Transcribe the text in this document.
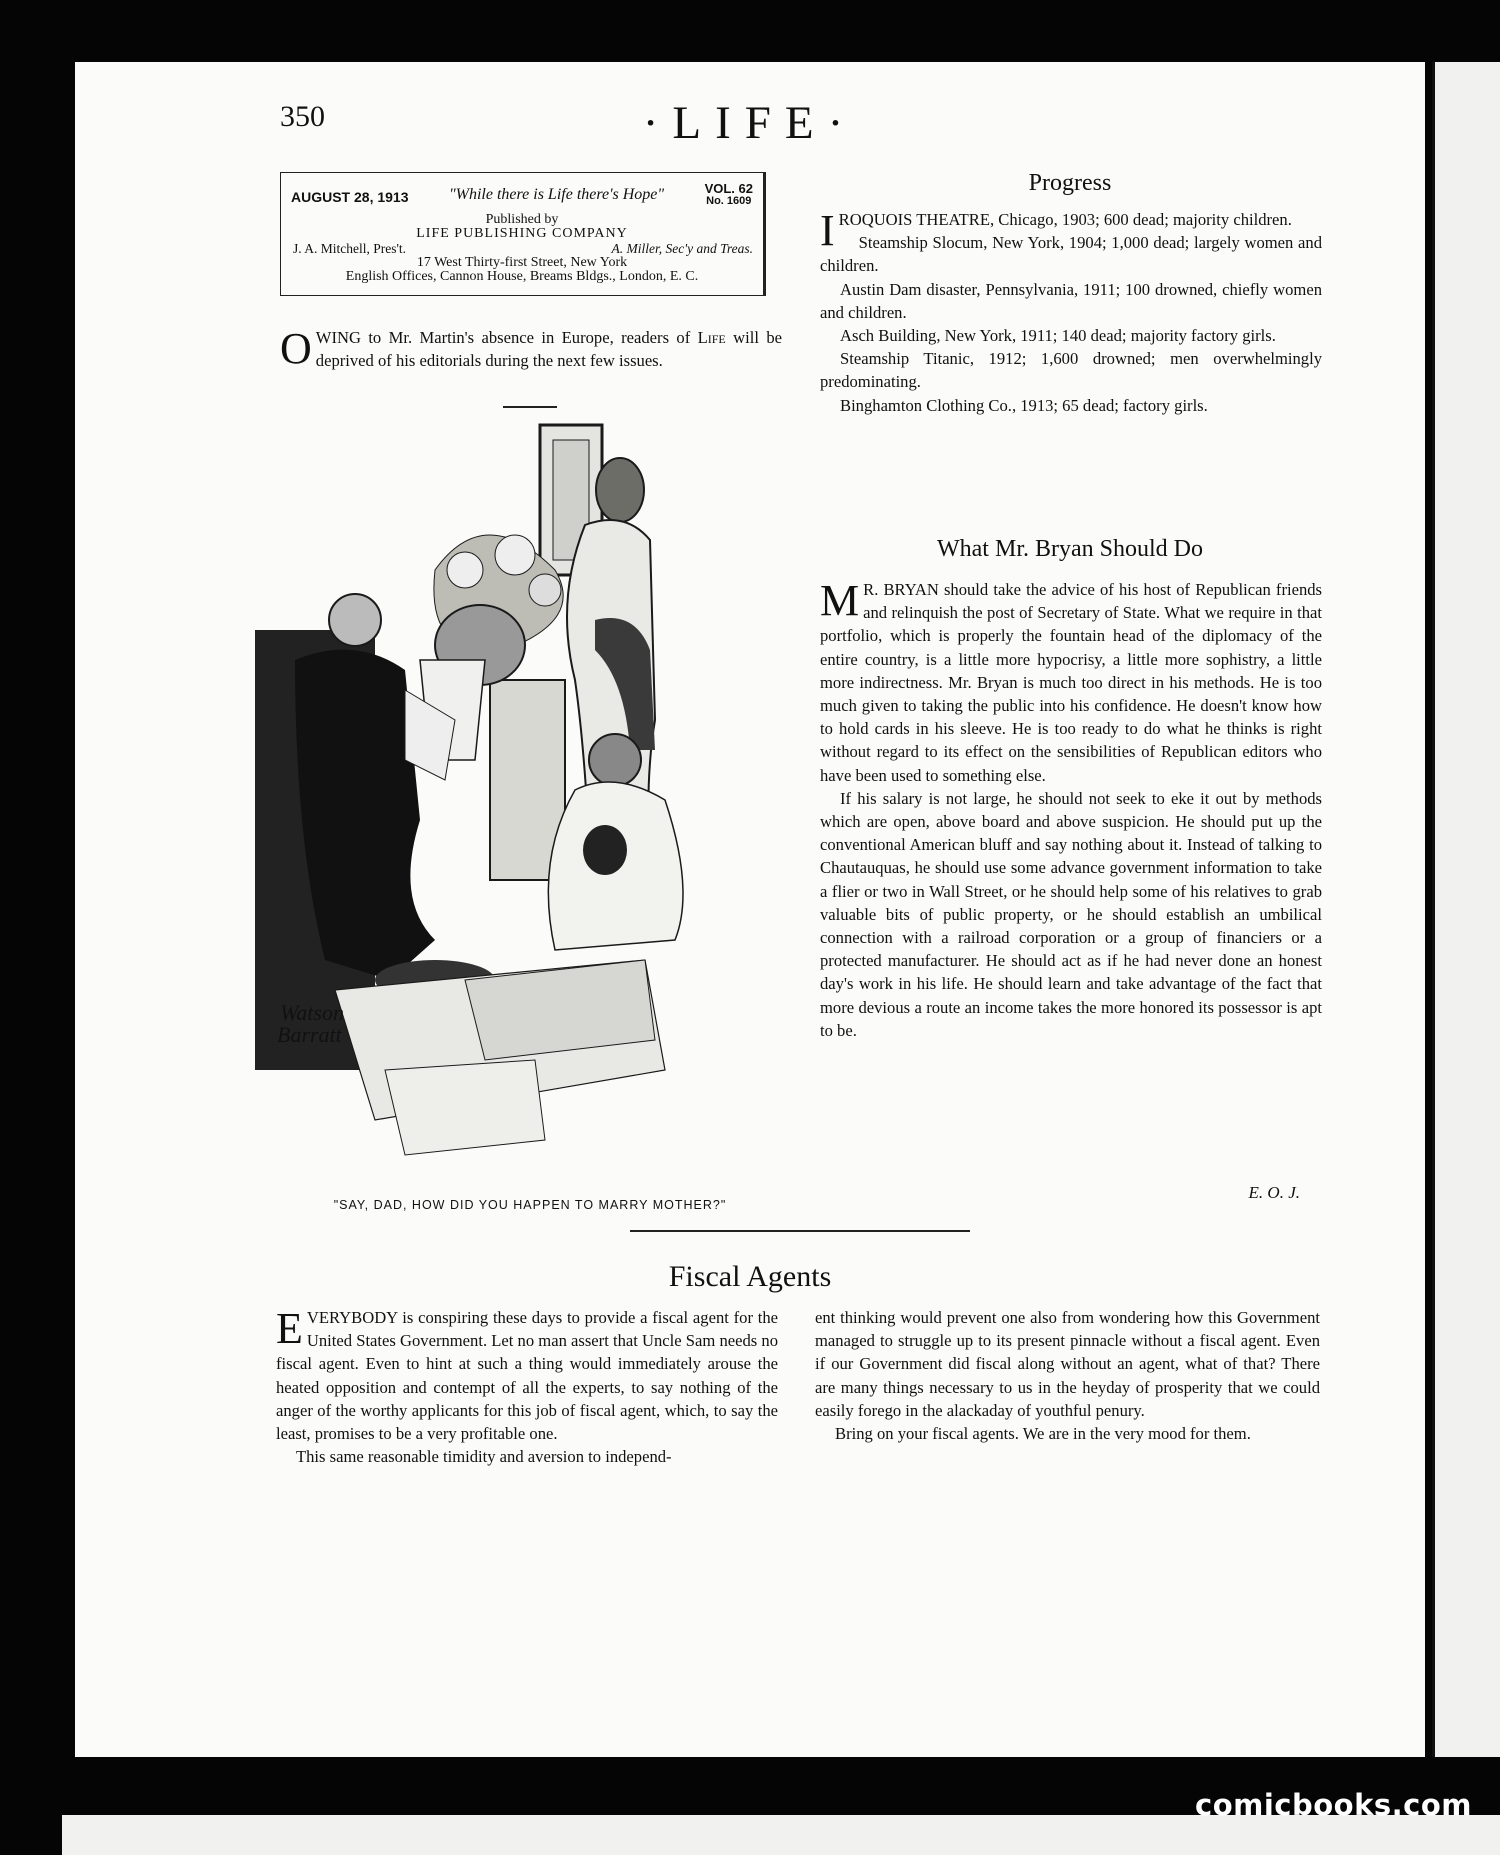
comicbooks.com
350	·LIFE·
AUGUST 28, 1913	"While there is Life there's Hope"	VOL. 62
No. 1609
Published by
LIFE PUBLISHING COMPANY
J. A. Mitchell, Pres't.	A. Miller, Sec'y and Treas.
17 West Thirty-first Street, New York
English Offices, Cannon House, Breams Bldgs., London, E. C.

OWING to Mr. Martin's absence in Europe, readers of Life will be deprived of his editorials during the next few issues.

Watson
Barratt
"SAY, DAD, HOW DID YOU HAPPEN TO MARRY MOTHER?"
Progress

IROQUOIS THEATRE, Chicago, 1903; 600 dead; majority children.

Steamship Slocum, New York, 1904; 1,000 dead; largely women and children.

Austin Dam disaster, Pennsylvania, 1911; 100 drowned, chiefly women and children.

Asch Building, New York, 1911; 140 dead; majority factory girls.

Steamship Titanic, 1912; 1,600 drowned; men overwhelmingly predominating.

Binghamton Clothing Co., 1913; 65 dead; factory girls.

What Mr. Bryan Should Do

M R. BRYAN should take the advice of his host of Republican friends and relinquish the post of Secretary of State. What we require in that portfolio, which is properly the fountain head of the diplomacy of the entire country, is a little more hypocrisy, a little more sophistry, a little more indirectness. Mr. Bryan is much too direct in his methods. He is too much given to taking the public into his confidence. He doesn't know how to hold cards in his sleeve. He is too ready to do what he thinks is right without regard to its effect on the sensibilities of Republican editors who have been used to something else.

If his salary is not large, he should not seek to eke it out by methods which are open, above board and above suspicion. He should put up the conventional American bluff and say nothing about it. Instead of talking to Chautauquas, he should use some advance government information to take a flier or two in Wall Street, or he should help some of his relatives to grab valuable bits of public property, or he should establish an umbilical connection with a railroad corporation or a group of financiers or a protected manufacturer. He should act as if he had never done an honest day's work in his life. He should learn and take advantage of the fact that more devious a route an income takes the more honored its possessor is apt to be.

E. O. J.
Fiscal Agents

EVERYBODY is conspiring these days to provide a fiscal agent for the United States Government. Let no man assert that Uncle Sam needs no fiscal agent. Even to hint at such a thing would immediately arouse the heated opposition and contempt of all the experts, to say nothing of the anger of the worthy applicants for this job of fiscal agent, which, to say the least, promises to be a very profitable one.

This same reasonable timidity and aversion to independ-

ent thinking would prevent one also from wondering how this Government managed to struggle up to its present pinnacle without a fiscal agent. Even if our Government did fiscal along without an agent, what of that? There are many things necessary to us in the heyday of prosperity that we could easily forego in the alackaday of youthful penury.

Bring on your fiscal agents. We are in the very mood for them.
